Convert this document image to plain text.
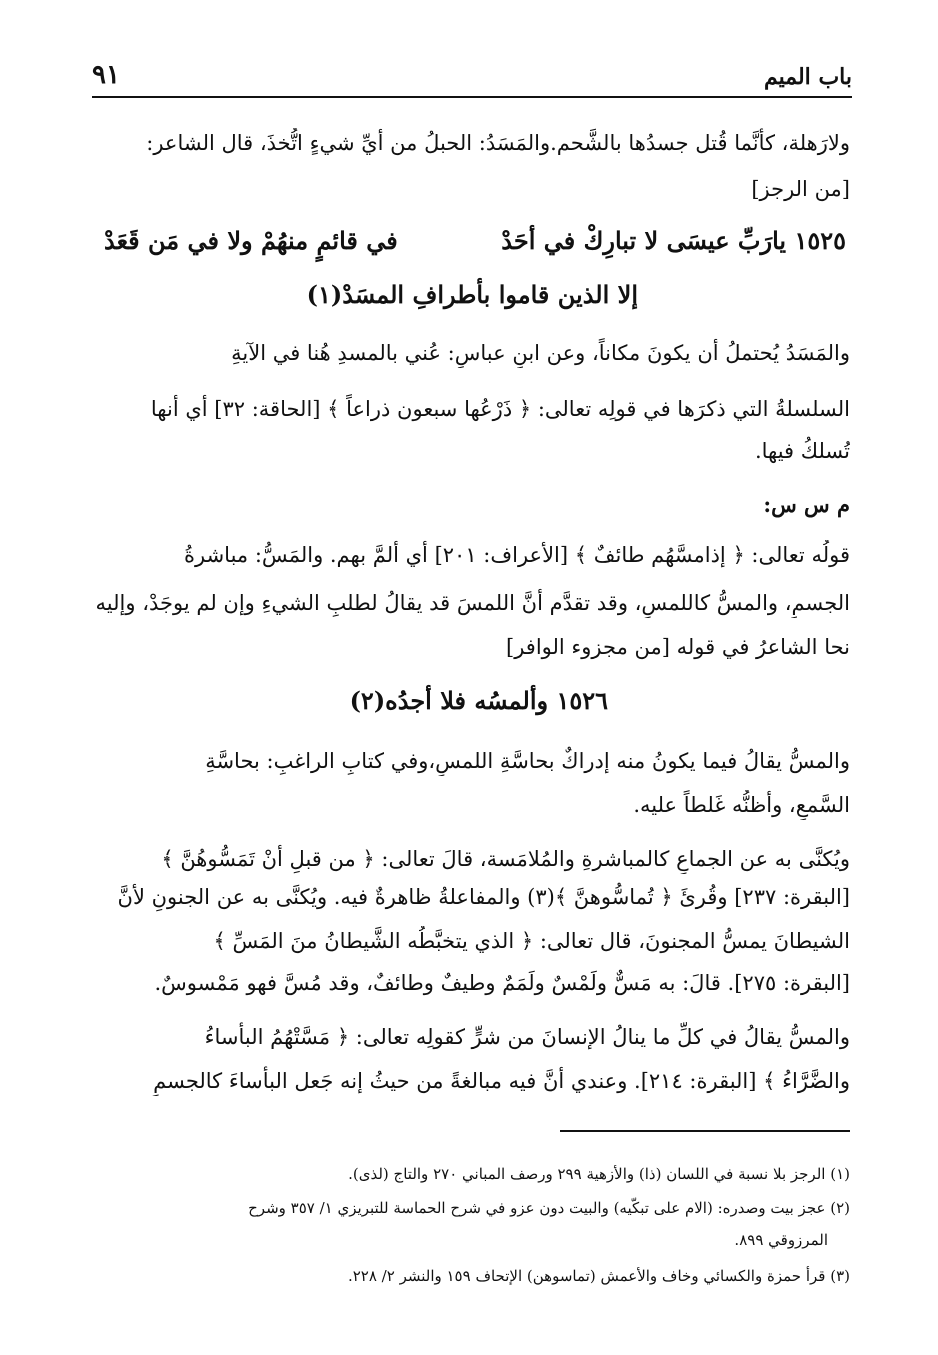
باب الميم
٩١
ولارَهلة، كأنَّما قُتل جسدُها بالشَّحم.والمَسَدُ: الحبلُ من أيِّ شيءٍ اتُّخذَ، قال الشاعر:
[من الرجز]
١٥٢٥ يارَبِّ عيسَى لا تبارِكْ في أحَدْ
في قائمٍ منهُمْ ولا في مَن قَعَدْ
إلا الذين قاموا بأطرافِ المسَدْ(١)
والمَسَدُ يُحتملُ أن يكونَ مكاناً، وعن ابنِ عباسٍ: عُني بالمسدِ هُنا في الآيةِ
السلسلةُ التي ذكرَها في قولِه تعالى: ﴿ ذَرْعُها سبعون ذراعاً ﴾ [الحاقة: ٣٢] أي أنها
تُسلكُ فيها.
م س س:
قولُه تعالى: ﴿ إذامسَّهُم طائفٌ ﴾ [الأعراف: ٢٠١] أي ألمَّ بهم. والمَسُّ: مباشرةُ
الجسمِ، والمسُّ كاللمسِ، وقد تقدَّم أنَّ اللمسَ قد يقالُ لطلبِ الشيءِ وإن لم يوجَدْ، وإليه
نحا الشاعرُ في قوله [من مجزوء الوافر]
١٥٢٦ وألمسُه فلا أجدُه(٢)
والمسُّ يقالُ فيما يكونُ منه إدراكٌ بحاسَّةِ اللمسِ،وفي كتابِ الراغبِ: بحاسَّةِ
السَّمعِ، وأظنُّه غَلطاً عليه.
ويُكنَّى به عن الجماعِ كالمباشرةِ والمُلامَسة، قالَ تعالى: ﴿ من قبلِ أنْ تَمَسُّوهُنَّ ﴾
[البقرة: ٢٣٧] وقُرئَ ﴿ تُماسُّوهنَّ ﴾(٣) والمفاعلةُ ظاهرةٌ فيه. ويُكنَّى به عن الجنونِ لأنَّ
الشيطانَ يمسُّ المجنونَ، قال تعالى: ﴿ الذي يتخبَّطُه الشَّيطانُ منَ المَسِّ ﴾
[البقرة: ٢٧٥]. قالَ: به مَسٌّ ولَمْسٌ ولَمَمٌ وطيفٌ وطائفٌ، وقد مُسَّ فهو مَمْسوسٌ.
والمسُّ يقالُ في كلِّ ما ينالُ الإنسانَ من شرٍّ كقولِه تعالى: ﴿ مَسَّتْهُمُ البأساءُ
والضَّرَّاءُ ﴾ [البقرة: ٢١٤]. وعندي أنَّ فيه مبالغةً من حيثُ إنه جَعل البأساءَ كالجسمِ
(١) الرجز بلا نسبة في اللسان (ذا) والأزهية ٢٩٩ ورصف المباني ٢٧٠ والتاج (لذى).
(٢) عجز بيت وصدره: (الام على تبكّيه) والبيت دون عزو في شرح الحماسة للتبريزي ١/ ٣٥٧ وشرح
المرزوقي ٨٩٩.
(٣) قرأ حمزة والكسائي وخاف والأعمش (تماسوهن) الإتحاف ١٥٩ والنشر ٢/ ٢٢٨.
